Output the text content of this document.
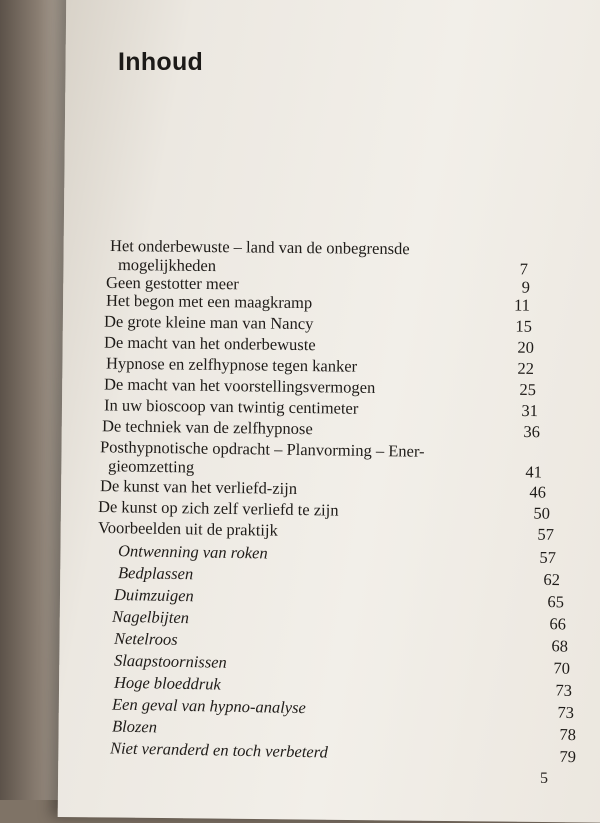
Inhoud
Het onderbewuste – land van de onbegrensde
mogelijkheden	7
Geen gestotter meer	9
Het begon met een maagkramp	11
De grote kleine man van Nancy	15
De macht van het onderbewuste	20
Hypnose en zelfhypnose tegen kanker	22
De macht van het voorstellingsvermogen	25
In uw bioscoop van twintig centimeter	31
De techniek van de zelfhypnose	36
Posthypnotische opdracht – Planvorming – Ener-
gieomzetting	41
De kunst van het verliefd-zijn	46
De kunst op zich zelf verliefd te zijn	50
Voorbeelden uit de praktijk	57
Ontwenning van roken	57
Bedplassen	62
Duimzuigen	65
Nagelbijten	66
Netelroos	68
Slaapstoornissen	70
Hoge bloeddruk	73
Een geval van hypno-analyse	73
Blozen	78
Niet veranderd en toch verbeterd	79
5
